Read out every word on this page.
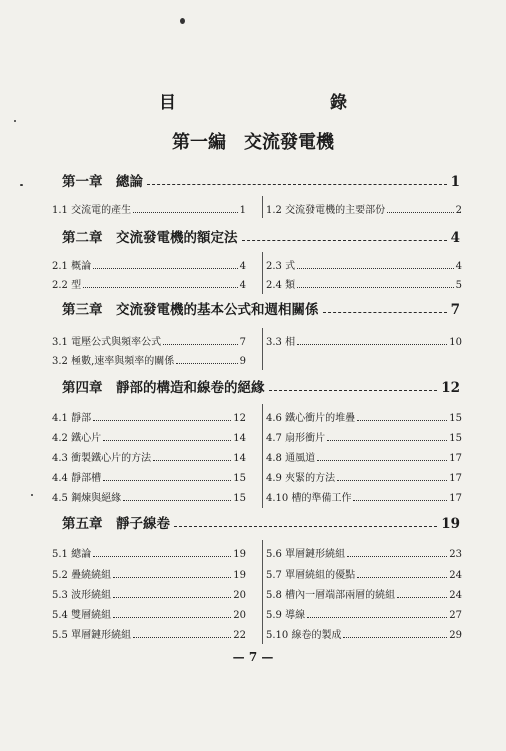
目　　錄
第一編　交流發電機
第一章　總論	1
1.1 交流電的產生	1 1.2 交流發電機的主要部份	2
第二章　交流發電機的額定法	4
2.1 概論	4 2.3 式	4
2.2 型	4 2.4 類	5
第三章　交流發電機的基本公式和週相關係	7
3.1 電壓公式與頻率公式	7 3.3 相	10
3.2 極數,速率與頻率的關係	9
第四章　靜部的構造和線卷的絕緣	12
4.1 靜部	12 4.6 鐵心衝片的堆疊	15
4.2 鐵心片	14 4.7 扇形衝片	15
4.3 衝製鐵心片的方法	14 4.8 通風道	17
4.4 靜部槽	15 4.9 夾緊的方法	17
4.5 鋼煉與絕緣	15 4.10 槽的準備工作	17
第五章　靜子線卷	19
5.1 總論	19 5.6 單層鏈形繞組	23
5.2 疊繞繞組	19 5.7 單層繞組的優點	24
5.3 波形繞組	20 5.8 槽內一層端部兩層的繞組	24
5.4 雙層繞組	20 5.9 導線	27
5.5 單層鏈形繞組	22 5.10 線卷的製成	29
— 7 —
